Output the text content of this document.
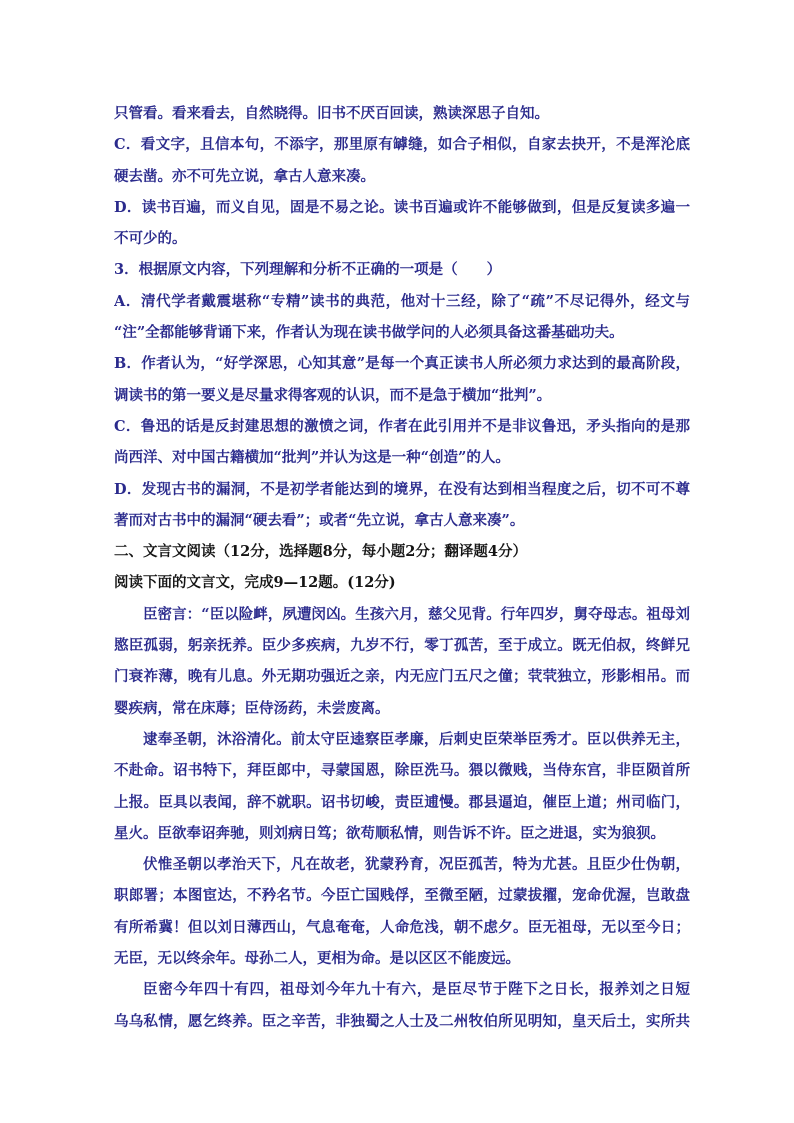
只管看。看来看去，自然晓得。旧书不厌百回读，熟读深思子自知。
C．看文字，且信本句，不添字，那里原有罅缝，如合子相似，自家去抉开，不是浑沦底
硬去凿。亦不可先立说，拿古人意来凑。
D．读书百遍，而义自见，固是不易之论。读书百遍或许不能够做到，但是反复读多遍一
不可少的。
3．根据原文内容，下列理解和分析不正确的一项是（　　）
A．清代学者戴震堪称“专精”读书的典范，他对十三经，除了“疏”不尽记得外，经文与
“注”全都能够背诵下来，作者认为现在读书做学问的人必须具备这番基础功夫。
B．作者认为，“好学深思，心知其意”是每一个真正读书人所必须力求达到的最高阶段，
调读书的第一要义是尽量求得客观的认识，而不是急于横加“批判”。
C．鲁迅的话是反封建思想的激愤之词，作者在此引用并不是非议鲁迅，矛头指向的是那
尚西洋、对中国古籍横加“批判”并认为这是一种“创造”的人。
D．发现古书的漏洞，不是初学者能达到的境界，在没有达到相当程度之后，切不可不尊
著而对古书中的漏洞“硬去看”；或者“先立说，拿古人意来凑”。
二、文言文阅读（12分，选择题8分，每小题2分；翻译题4分）
阅读下面的文言文，完成9—12题。(12分)
臣密言：“臣以险衅，夙遭闵凶。生孩六月，慈父见背。行年四岁，舅夺母志。祖母刘
愍臣孤弱，躬亲抚养。臣少多疾病，九岁不行，零丁孤苦，至于成立。既无伯叔，终鲜兄
门衰祚薄，晚有儿息。外无期功强近之亲，内无应门五尺之僮；茕茕独立，形影相吊。而
婴疾病，常在床蓐；臣侍汤药，未尝废离。
逮奉圣朝，沐浴清化。前太守臣逵察臣孝廉，后刺史臣荣举臣秀才。臣以供养无主，
不赴命。诏书特下，拜臣郎中，寻蒙国恩，除臣洗马。猥以微贱，当侍东宫，非臣陨首所
上报。臣具以表闻，辞不就职。诏书切峻，责臣逋慢。郡县逼迫，催臣上道；州司临门，
星火。臣欲奉诏奔驰，则刘病日笃；欲苟顺私情，则告诉不许。臣之进退，实为狼狈。
伏惟圣朝以孝治天下，凡在故老，犹蒙矜育，况臣孤苦，特为尤甚。且臣少仕伪朝，
职郎署；本图宦达，不矜名节。今臣亡国贱俘，至微至陋，过蒙拔擢，宠命优渥，岂敢盘
有所希冀！但以刘日薄西山，气息奄奄，人命危浅，朝不虑夕。臣无祖母，无以至今日；
无臣，无以终余年。母孙二人，更相为命。是以区区不能废远。
臣密今年四十有四，祖母刘今年九十有六，是臣尽节于陛下之日长，报养刘之日短
乌乌私情，愿乞终养。臣之辛苦，非独蜀之人士及二州牧伯所见明知，皇天后土，实所共
